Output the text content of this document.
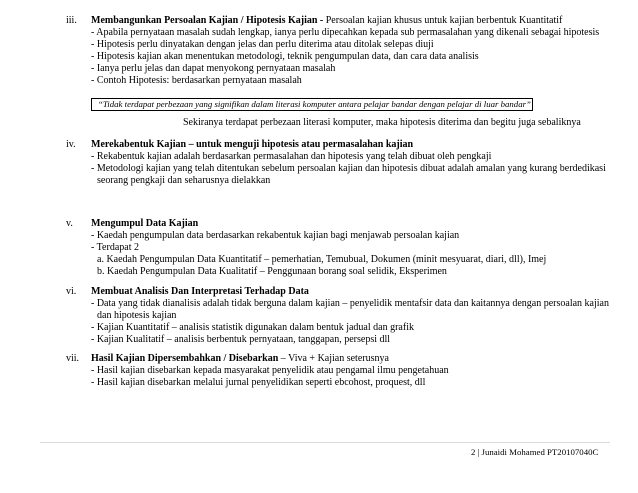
iii. Membangunkan Persoalan Kajian / Hipotesis Kajian - Persoalan kajian khusus untuk kajian berbentuk Kuantitatif
- Apabila pernyataan masalah sudah lengkap, ianya perlu dipecahkan kepada sub permasalahan yang dikenali sebagai hipotesis
- Hipotesis perlu dinyatakan dengan jelas dan perlu diterima atau ditolak selepas diuji
- Hipotesis kajian akan menentukan metodologi, teknik pengumpulan data, dan cara data analisis
- Ianya perlu jelas dan dapat menyokong pernyataan masalah
- Contoh Hipotesis: berdasarkan pernyataan masalah
“Tidak terdapat perbezaan yang signifikan dalam literasi komputer antara pelajar bandar dengan pelajar di luar bandar”
Sekiranya terdapat perbezaan literasi komputer, maka hipotesis diterima dan begitu juga sebaliknya
iv. Merekabentuk Kajian – untuk menguji hipotesis atau permasalahan kajian
- Rekabentuk kajian adalah berdasarkan permasalahan dan hipotesis yang telah dibuat oleh pengkaji
- Metodologi kajian yang telah ditentukan sebelum persoalan kajian dan hipotesis dibuat adalah amalan yang kurang berdedikasi
seorang pengkaji dan seharusnya dielakkan
v. Mengumpul Data Kajian
- Kaedah pengumpulan data berdasarkan rekabentuk kajian bagi menjawab persoalan kajian
- Terdapat 2
a. Kaedah Pengumpulan Data Kuantitatif – pemerhatian, Temubual, Dokumen (minit mesyuarat, diari, dll), Imej
b. Kaedah Pengumpulan Data Kualitatif – Penggunaan borang soal selidik, Eksperimen
vi. Membuat Analisis Dan Interpretasi Terhadap Data
- Data yang tidak dianalisis adalah tidak berguna dalam kajian – penyelidik mentafsir data dan kaitannya dengan persoalan kajian
dan hipotesis kajian
- Kajian Kuantitatif – analisis statistik digunakan dalam bentuk jadual dan grafik
- Kajian Kualitatif – analisis berbentuk pernyataan, tanggapan, persepsi dll
vii. Hasil Kajian Dipersembahkan / Disebarkan – Viva + Kajian seterusnya
- Hasil kajian disebarkan kepada masyarakat penyelidik atau pengamal ilmu pengetahuan
- Hasil kajian disebarkan melalui jurnal penyelidikan seperti ebcohost, proquest, dll
2 | Junaidi Mohamed PT20107040C
